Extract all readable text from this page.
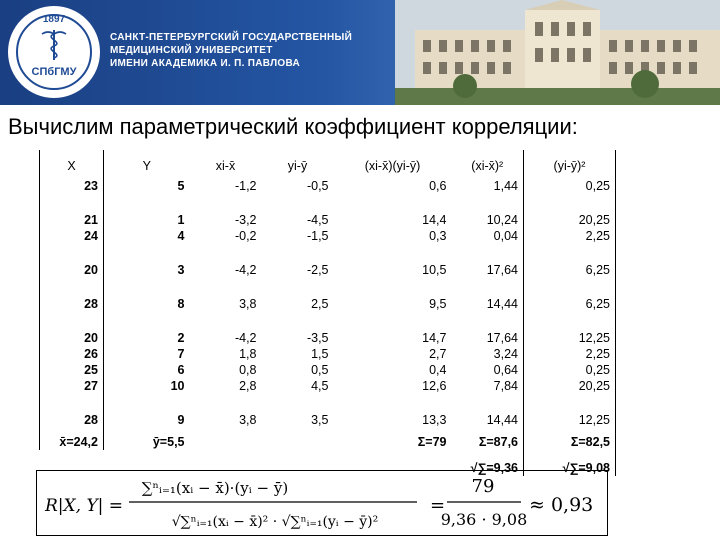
1897
СПбГМУ
САНКТ-ПЕТЕРБУРГСКИЙ ГОСУДАРСТВЕННЫЙ
МЕДИЦИНСКИЙ УНИВЕРСИТЕТ
ИМЕНИ АКАДЕМИКА И. П. ПАВЛОВА
Вычислим параметрический коэффициент корреляции:
X	Y	xi-x̄	yi-ȳ	(xi-x̄)(yi-ȳ)	(xi-x̄)²	(yi-ȳ)²
23	5	-1,2	-0,5	0,6	1,44	0,25

21	1	-3,2	-4,5	14,4	10,24	20,25
24	4	-0,2	-1,5	0,3	0,04	2,25

20	3	-4,2	-2,5	10,5	17,64	6,25

28	8	3,8	2,5	9,5	14,44	6,25

20	2	-4,2	-3,5	14,7	17,64	12,25
26	7	1,8	1,5	2,7	3,24	2,25
25	6	0,8	0,5	0,4	0,64	0,25
27	10	2,8	4,5	12,6	7,84	20,25

28	9	3,8	3,5	13,3	14,44	12,25
x̄=24,2	ȳ=5,5			Σ=79	Σ=87,6	Σ=82,5
					√∑=9,36	√∑=9,08
R|X, Y| =
∑ⁿᵢ₌₁(xᵢ − x̄)·(yᵢ − ȳ)
√∑ⁿᵢ₌₁(xᵢ − x̄)² · √∑ⁿᵢ₌₁(yᵢ − ȳ)²
=
79
9,36 · 9,08
≈ 0,93
